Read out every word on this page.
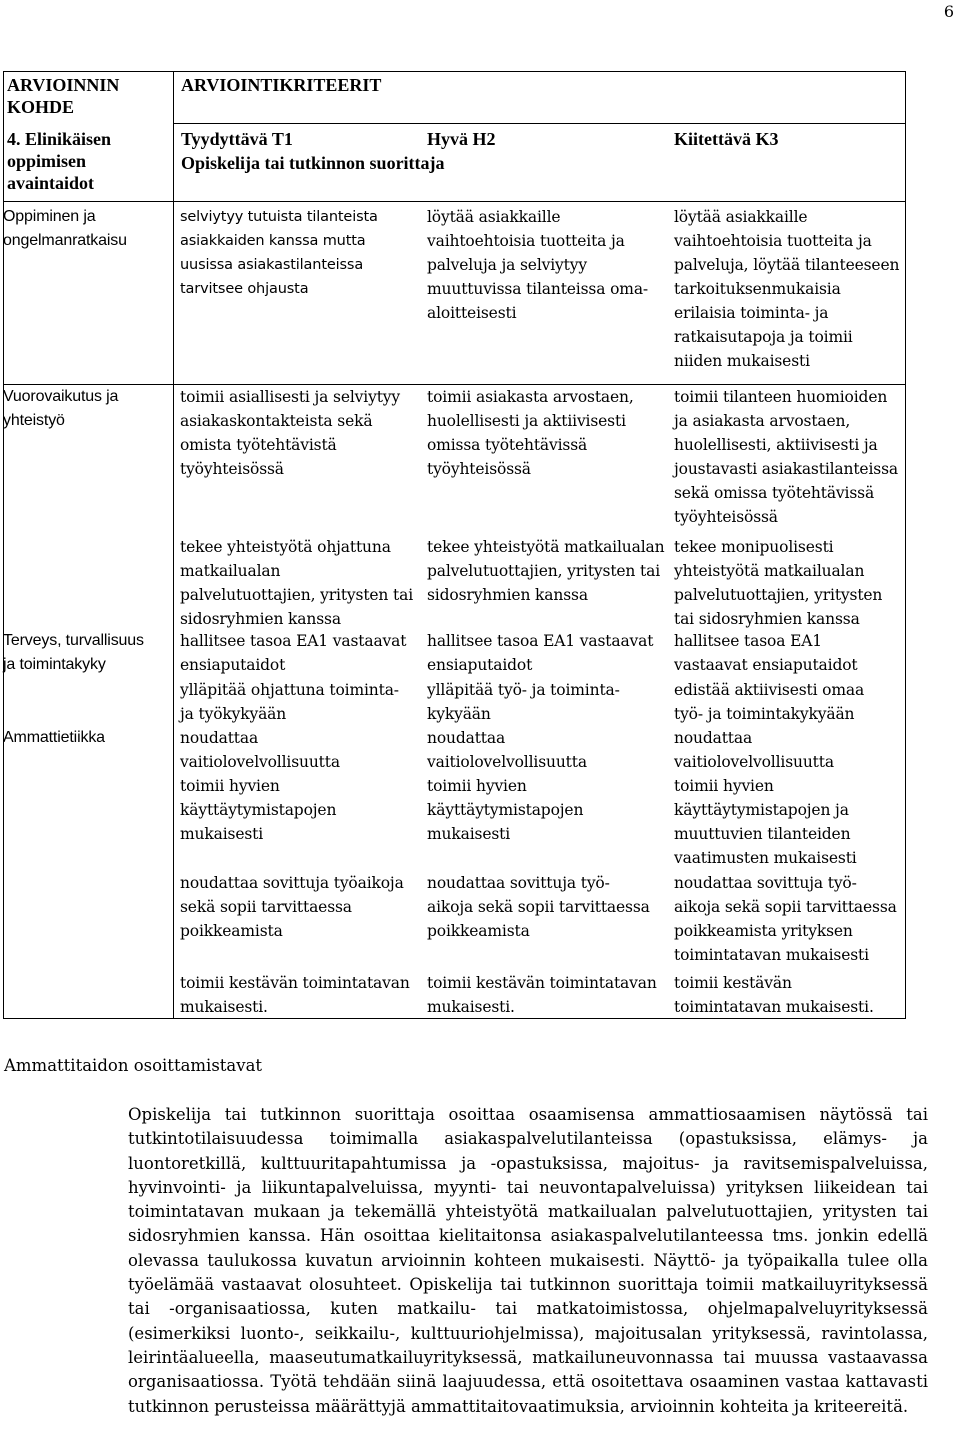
6
ARVIOINNIN
KOHDE
ARVIOINTIKRITEERIT
4. Elinikäisen
oppimisen
avaintaidot
Tyydyttävä T1	Hyvä H2	Kiitettävä K3
Opiskelija tai tutkinnon suorittaja
Oppiminen ja
ongelmanratkaisu
Vuorovaikutus ja
yhteistyö
Terveys, turvallisuus
ja toimintakyky
Ammattietiikka
selviytyy tutuista tilanteista
asiakkaiden kanssa mutta
uusissa asiakastilanteissa
tarvitsee ohjausta
toimii asiallisesti ja selviytyy
asiakaskontakteista sekä
omista työtehtävistä
työyhteisössä
tekee yhteistyötä ohjattuna
matkailualan
palvelutuottajien, yritysten tai
sidosryhmien kanssa
hallitsee tasoa EA1 vastaavat
ensiaputaidot
ylläpitää ohjattuna toiminta-
ja työkykyään
noudattaa
vaitiolovelvollisuutta
toimii hyvien
käyttäytymistapojen
mukaisesti
noudattaa sovittuja työaikoja
sekä sopii tarvittaessa
poikkeamista
toimii kestävän toimintatavan
mukaisesti.
löytää asiakkaille
vaihtoehtoisia tuotteita ja
palveluja ja selviytyy
muuttuvissa tilanteissa oma-
aloitteisesti
toimii asiakasta arvostaen,
huolellisesti ja aktiivisesti
omissa työtehtävissä
työyhteisössä
tekee yhteistyötä matkailualan
palvelutuottajien, yritysten tai
sidosryhmien kanssa
hallitsee tasoa EA1 vastaavat
ensiaputaidot
ylläpitää työ- ja toiminta-
kykyään
noudattaa
vaitiolovelvollisuutta
toimii hyvien
käyttäytymistapojen
mukaisesti
noudattaa sovittuja työ-
aikoja sekä sopii tarvittaessa
poikkeamista
toimii kestävän toimintatavan
mukaisesti.
löytää asiakkaille
vaihtoehtoisia tuotteita ja
palveluja, löytää tilanteeseen
tarkoituksenmukaisia
erilaisia toiminta- ja
ratkaisutapoja ja toimii
niiden mukaisesti
toimii tilanteen huomioiden
ja asiakasta arvostaen,
huolellisesti, aktiivisesti ja
joustavasti asiakastilanteissa
sekä omissa työtehtävissä
työyhteisössä
tekee monipuolisesti
yhteistyötä matkailualan
palvelutuottajien, yritysten
tai sidosryhmien kanssa
hallitsee tasoa EA1
vastaavat ensiaputaidot
edistää aktiivisesti omaa
työ- ja toimintakykyään
noudattaa
vaitiolovelvollisuutta
toimii hyvien
käyttäytymistapojen ja
muuttuvien tilanteiden
vaatimusten mukaisesti
noudattaa sovittuja työ-
aikoja sekä sopii tarvittaessa
poikkeamista yrityksen
toimintatavan mukaisesti
toimii kestävän
toimintatavan mukaisesti.
Ammattitaidon osoittamistavat
Opiskelija tai tutkinnon suorittaja osoittaa osaamisensa ammattiosaamisen näytössä tai tutkintotilaisuudessa toimimalla asiakaspalvelutilanteissa (opastuksissa, elämys- ja luontoretkillä, kulttuuritapahtumissa ja -opastuksissa, majoitus- ja ravitsemispalveluissa, hyvinvointi- ja liikuntapalveluissa, myynti- tai neuvontapalveluissa) yrityksen liikeidean tai toimintatavan mukaan ja tekemällä yhteistyötä matkailualan palvelutuottajien, yritysten tai sidosryhmien kanssa. Hän osoittaa kielitaitonsa asiakaspalvelutilanteessa tms. jonkin edellä olevassa taulukossa kuvatun arvioinnin kohteen mukaisesti. Näyttö- ja työpaikalla tulee olla työelämää vastaavat olosuhteet. Opiskelija tai tutkinnon suorittaja toimii matkailuyrityksessä tai -organisaatiossa, kuten matkailu- tai matkatoimistossa, ohjelmapalveluyrityksessä (esimerkiksi luonto-, seikkailu-, kulttuuriohjelmissa), majoitusalan yrityksessä, ravintolassa, leirintäalueella, maaseutumatkailuyrityksessä, matkailuneuvonnassa tai muussa vastaavassa organisaatiossa. Työtä tehdään siinä laajuudessa, että osoitettava osaaminen vastaa kattavasti tutkinnon perusteissa määrättyjä ammattitaitovaatimuksia, arvioinnin kohteita ja kriteereitä.
